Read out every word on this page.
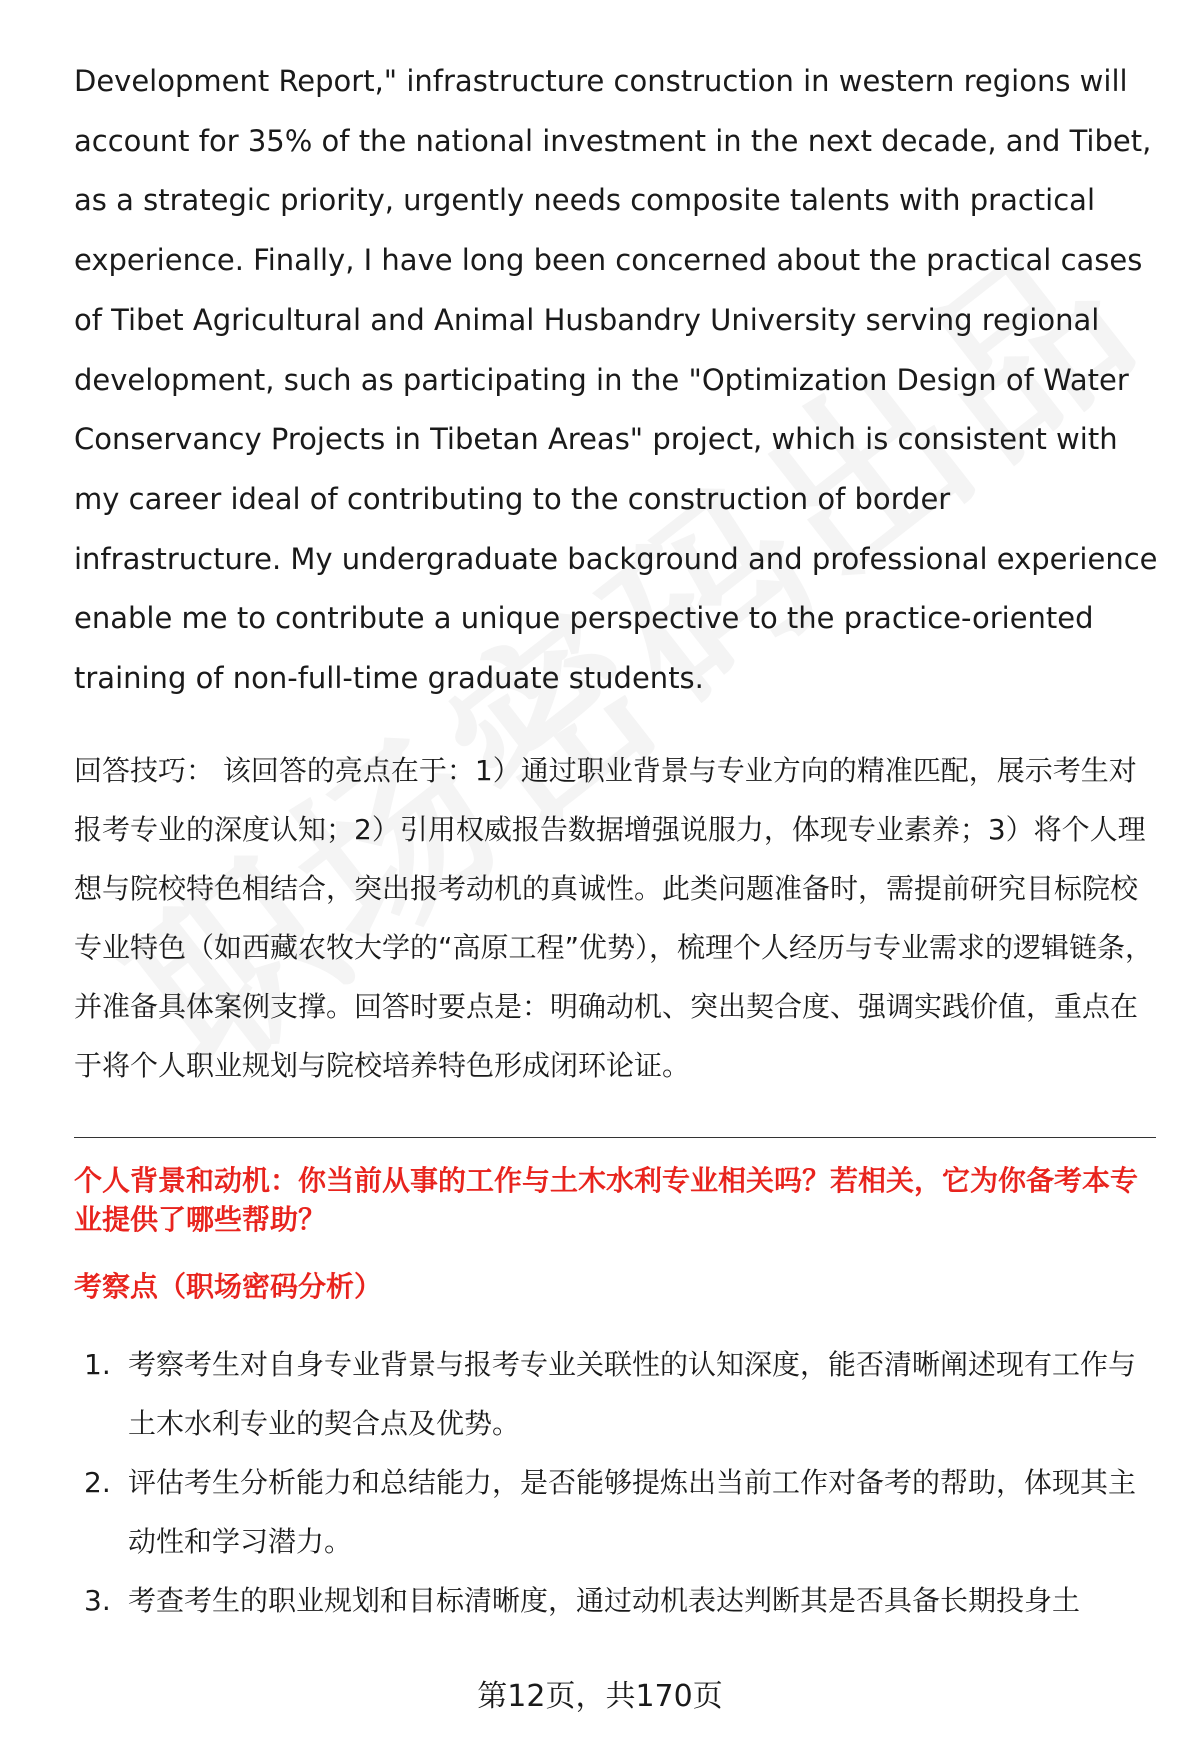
Development Report," infrastructure construction in western regions will account for 35% of the national investment in the next decade, and Tibet, as a strategic priority, urgently needs composite talents with practical experience. Finally, I have long been concerned about the practical cases of Tibet Agricultural and Animal Husbandry University serving regional development, such as participating in the "Optimization Design of Water Conservancy Projects in Tibetan Areas" project, which is consistent with my career ideal of contributing to the construction of border infrastructure. My undergraduate background and professional experience enable me to contribute a unique perspective to the practice-oriented training of non-full-time graduate students.

回答技巧： 该回答的亮点在于：1）通过职业背景与专业方向的精准匹配，展示考生对报考专业的深度认知；2）引用权威报告数据增强说服力，体现专业素养；3）将个人理想与院校特色相结合，突出报考动机的真诚性。此类问题准备时，需提前研究目标院校专业特色（如西藏农牧大学的“高原工程”优势），梳理个人经历与专业需求的逻辑链条，并准备具体案例支撑。回答时要点是：明确动机、突出契合度、强调实践价值，重点在于将个人职业规划与院校培养特色形成闭环论证。

个人背景和动机：你当前从事的工作与土木水利专业相关吗？若相关，它为你备考本专业提供了哪些帮助？
考察点（职场密码分析）
1. 考察考生对自身专业背景与报考专业关联性的认知深度，能否清晰阐述现有工作与土木水利专业的契合点及优势。
2. 评估考生分析能力和总结能力，是否能够提炼出当前工作对备考的帮助，体现其主动性和学习潜力。
3. 考查考生的职业规划和目标清晰度，通过动机表达判断其是否具备长期投身土
第12页，共170页
